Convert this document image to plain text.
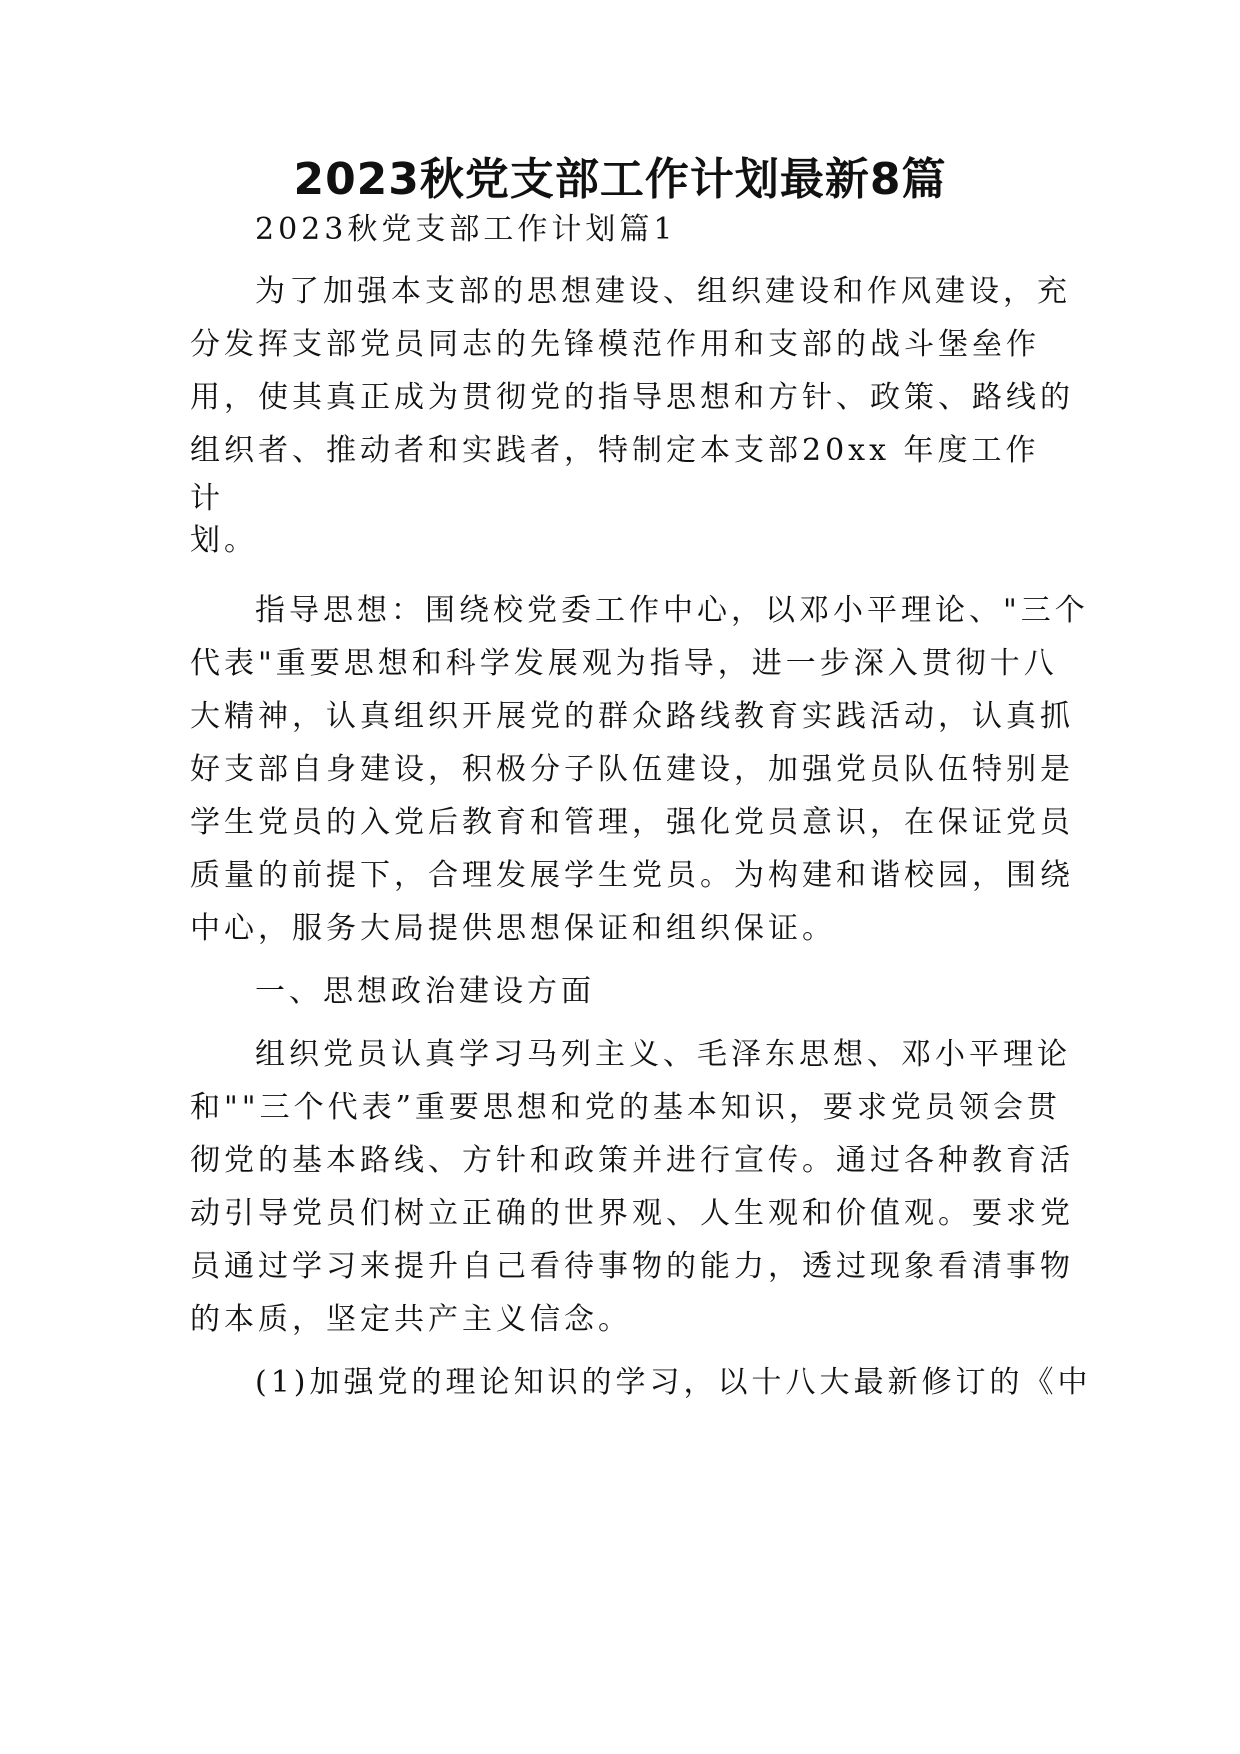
2023秋党支部工作计划最新8篇

2023秋党支部工作计划篇1

为了加强本支部的思想建设、组织建设和作风建设，充

分发挥支部党员同志的先锋模范作用和支部的战斗堡垒作

用，使其真正成为贯彻党的指导思想和方针、政策、路线的

组织者、推动者和实践者，特制定本支部20xx 年度工作

计

划。

指导思想：围绕校党委工作中心，以邓小平理论、"三个

代表"重要思想和科学发展观为指导，进一步深入贯彻十八

大精神，认真组织开展党的群众路线教育实践活动，认真抓

好支部自身建设，积极分子队伍建设，加强党员队伍特别是

学生党员的入党后教育和管理，强化党员意识，在保证党员

质量的前提下，合理发展学生党员。为构建和谐校园，围绕

中心，服务大局提供思想保证和组织保证。

一、思想政治建设方面

组织党员认真学习马列主义、毛泽东思想、邓小平理论

和""三个代表”重要思想和党的基本知识，要求党员领会贯

彻党的基本路线、方针和政策并进行宣传。通过各种教育活

动引导党员们树立正确的世界观、人生观和价值观。要求党

员通过学习来提升自己看待事物的能力，透过现象看清事物

的本质，坚定共产主义信念。

(1)加强党的理论知识的学习，以十八大最新修订的《中
